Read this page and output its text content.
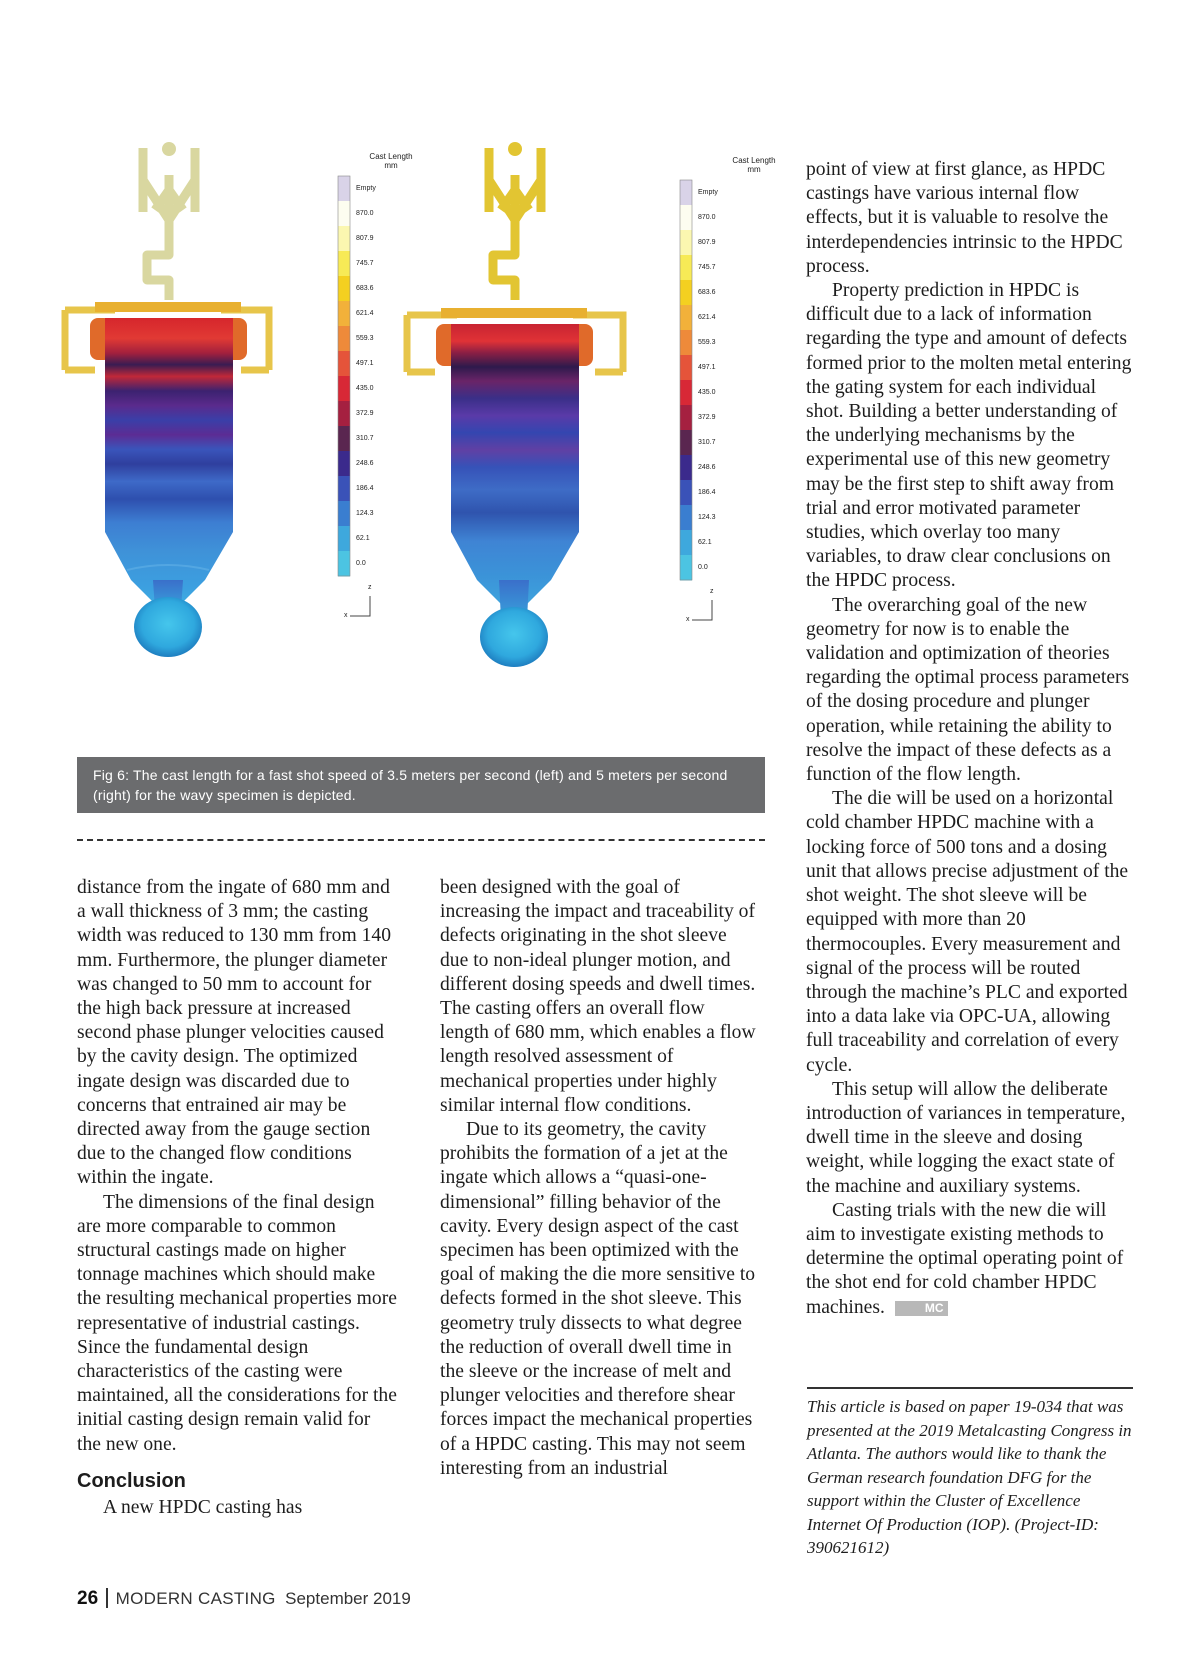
Cast Length
mm
Cast Length
mm
Empty
870.0
807.9
745.7
683.6
621.4
559.3
497.1
435.0
372.9
310.7
248.6
186.4
124.3
62.1
0.0
z
x
Empty
870.0
807.9
745.7
683.6
621.4
559.3
497.1
435.0
372.9
310.7
248.6
186.4
124.3
62.1
0.0
z
x
Fig 6: The cast length for a fast shot speed of 3.5 meters per second (left) and 5 meters per second (right) for the wavy specimen is depicted.

distance from the ingate of 680 mm and a wall thickness of 3 mm; the casting width was reduced to 130 mm from 140 mm. Furthermore, the plunger diameter was changed to 50 mm to account for the high back pressure at increased second phase plunger velocities caused by the cavity design. The optimized ingate design was discarded due to concerns that entrained air may be directed away from the gauge section due to the changed flow conditions within the ingate.

The dimensions of the final design are more comparable to common structural castings made on higher tonnage machines which should make the resulting mechanical properties more representative of industrial castings. Since the fundamental design characteristics of the casting were maintained, all the considerations for the initial casting design remain valid for the new one.

Conclusion

A new HPDC casting has

been designed with the goal of increasing the impact and traceability of defects originating in the shot sleeve due to non-ideal plunger motion, and different dosing speeds and dwell times. The casting offers an overall flow length of 680 mm, which enables a flow length resolved assessment of mechanical properties under highly similar internal flow conditions.

Due to its geometry, the cavity prohibits the formation of a jet at the ingate which allows a “quasi-one-dimensional” filling behavior of the cavity. Every design aspect of the cast specimen has been optimized with the goal of making the die more sensitive to defects formed in the shot sleeve. This geometry truly dissects to what degree the reduction of overall dwell time in the sleeve or the increase of melt and plunger velocities and therefore shear forces impact the mechanical properties of a HPDC casting. This may not seem interesting from an industrial

point of view at first glance, as HPDC castings have various internal flow effects, but it is valuable to resolve the interdependencies intrinsic to the HPDC process.

Property prediction in HPDC is difficult due to a lack of information regarding the type and amount of defects formed prior to the molten metal entering the gating system for each individual shot. Building a better understanding of the underlying mechanisms by the experimental use of this new geometry may be the first step to shift away from trial and error motivated parameter studies, which overlay too many variables, to draw clear conclusions on the HPDC process.

The overarching goal of the new geometry for now is to enable the validation and optimization of theories regarding the optimal process parameters of the dosing procedure and plunger operation, while retaining the ability to resolve the impact of these defects as a function of the flow length.

The die will be used on a horizontal cold chamber HPDC machine with a locking force of 500 tons and a dosing unit that allows precise adjustment of the shot weight. The shot sleeve will be equipped with more than 20 thermocouples. Every measurement and signal of the process will be routed through the machine’s PLC and exported into a data lake via OPC-UA, allowing full traceability and correlation of every cycle.

This setup will allow the deliberate introduction of variances in temperature, dwell time in the sleeve and dosing weight, while logging the exact state of the machine and auxiliary systems.

Casting trials with the new die will aim to investigate existing methods to determine the optimal operating point of the shot end for cold chamber HPDC machines.	MC

This article is based on paper 19-034 that was presented at the 2019 Metalcasting Congress in Atlanta. The authors would like to thank the German research foundation DFG for the support within the Cluster of Excellence Internet Of Production (IOP). (Project-ID: 390621612)
26 MODERN CASTING September 2019
